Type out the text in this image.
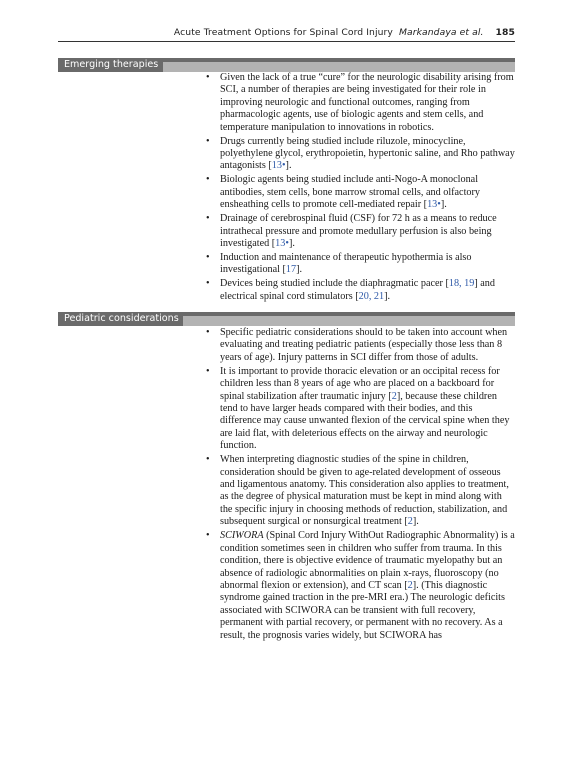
Acute Treatment Options for Spinal Cord Injury Markandaya et al. 185
Emerging therapies
• Given the lack of a true “cure” for the neurologic disability arising from SCI, a number of therapies are being investigated for their role in improving neurologic and functional outcomes, ranging from pharmacologic agents, use of biologic agents and stem cells, and temperature manipulation to innovations in robotics.
• Drugs currently being studied include riluzole, minocycline, polyethylene glycol, erythropoietin, hypertonic saline, and Rho pathway antagonists [13•].
• Biologic agents being studied include anti-Nogo-A monoclonal antibodies, stem cells, bone marrow stromal cells, and olfactory ensheathing cells to promote cell-mediated repair [13•].
• Drainage of cerebrospinal fluid (CSF) for 72 h as a means to reduce intrathecal pressure and promote medullary perfusion is also being investigated [13•].
• Induction and maintenance of therapeutic hypothermia is also investigational [17].
• Devices being studied include the diaphragmatic pacer [18, 19] and electrical spinal cord stimulators [20, 21].
Pediatric considerations
• Specific pediatric considerations should to be taken into account when evaluating and treating pediatric patients (especially those less than 8 years of age). Injury patterns in SCI differ from those of adults.
• It is important to provide thoracic elevation or an occipital recess for children less than 8 years of age who are placed on a backboard for spinal stabilization after traumatic injury [2], because these children tend to have larger heads compared with their bodies, and this difference may cause unwanted flexion of the cervical spine when they are laid flat, with deleterious effects on the airway and neurologic function.
• When interpreting diagnostic studies of the spine in children, consideration should be given to age-related development of osseous and ligamentous anatomy. This consideration also applies to treatment, as the degree of physical maturation must be kept in mind along with the specific injury in choosing methods of reduction, stabilization, and subsequent surgical or nonsurgical treatment [2].
• SCIWORA (Spinal Cord Injury WithOut Radiographic Abnormality) is a condition sometimes seen in children who suffer from trauma. In this condition, there is objective evidence of traumatic myelopathy but an absence of radiologic abnormalities on plain x-rays, fluoroscopy (no abnormal flexion or extension), and CT scan [2]. (This diagnostic syndrome gained traction in the pre-MRI era.) The neurologic deficits associated with SCIWORA can be transient with full recovery, permanent with partial recovery, or permanent with no recovery. As a result, the prognosis varies widely, but SCIWORA has
